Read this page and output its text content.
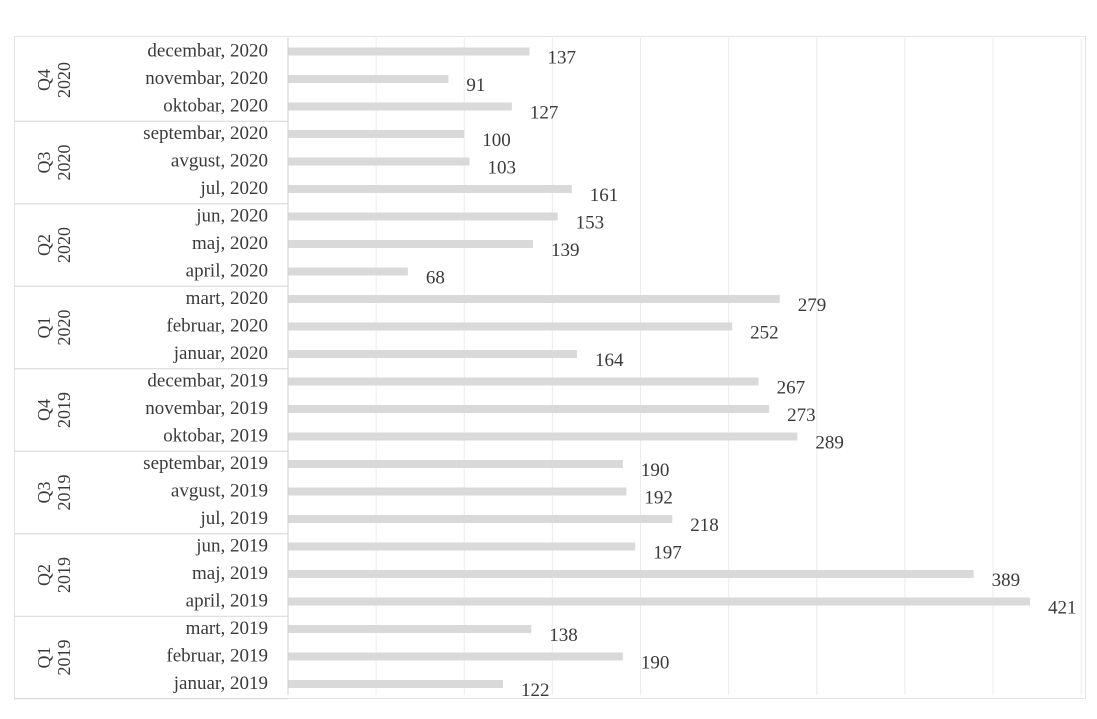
137
decembar, 2020
91
novembar, 2020
127
oktobar, 2020
100
septembar, 2020
103
avgust, 2020
161
jul, 2020
153
jun, 2020
139
maj, 2020
68
april, 2020
279
mart, 2020
252
februar, 2020
164
januar, 2020
267
decembar, 2019
273
novembar, 2019
289
oktobar, 2019
190
septembar, 2019
192
avgust, 2019
218
jul, 2019
197
jun, 2019
389
maj, 2019
421
april, 2019
138
mart, 2019
190
februar, 2019
122
januar, 2019
Q42020
Q32020
Q22020
Q12020
Q42019
Q32019
Q22019
Q12019
